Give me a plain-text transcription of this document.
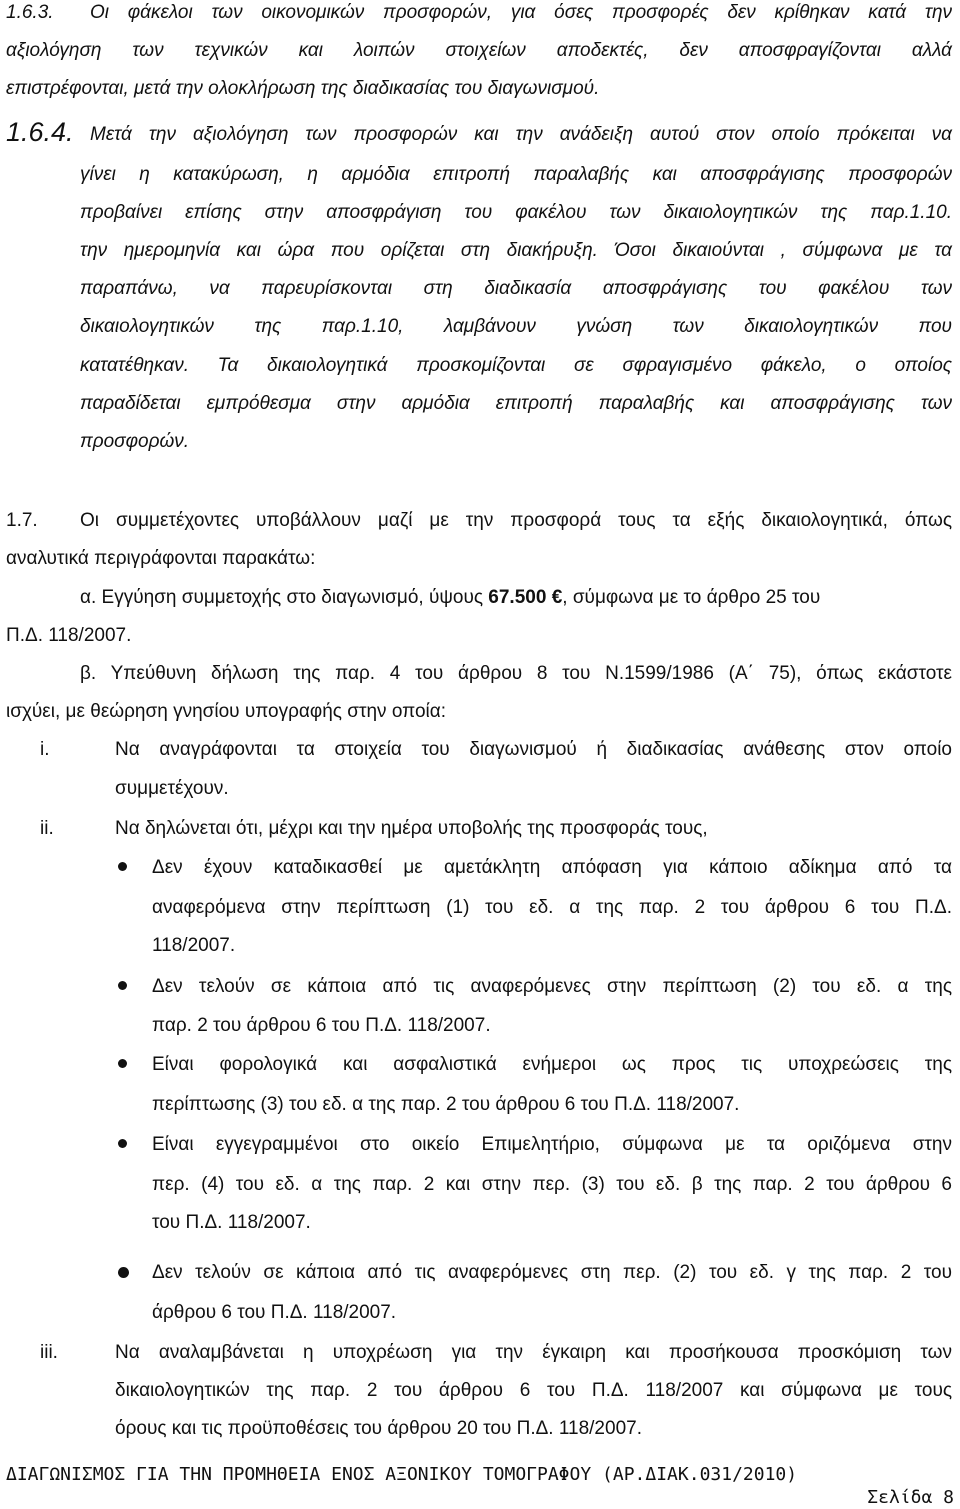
1.6.3. Οι φάκελοι των οικονομικών προσφορών, για όσες προσφορές δεν κρίθηκαν κατά την
αξιολόγηση των τεχνικών και λοιπών στοιχείων αποδεκτές, δεν αποσφραγίζονται αλλά
επιστρέφονται, μετά την ολοκλήρωση της διαδικασίας του διαγωνισμού.
1.6.4. Μετά την αξιολόγηση των προσφορών και την ανάδειξη αυτού στον οποίο πρόκειται να
γίνει η κατακύρωση, η αρμόδια επιτροπή παραλαβής και αποσφράγισης προσφορών
προβαίνει επίσης στην αποσφράγιση του φακέλου των δικαιολογητικών της παρ.1.10.
την ημερομηνία και ώρα που ορίζεται στη διακήρυξη. Όσοι δικαιούνται , σύμφωνα με τα
παραπάνω, να παρευρίσκονται στη διαδικασία αποσφράγισης του φακέλου των
δικαιολογητικών της παρ.1.10, λαμβάνουν γνώση των δικαιολογητικών που
κατατέθηκαν. Τα δικαιολογητικά προσκομίζονται σε σφραγισμένο φάκελο, ο οποίος
παραδίδεται εμπρόθεσμα στην αρμόδια επιτροπή παραλαβής και αποσφράγισης των
προσφορών.
1.7. Οι συμμετέχοντες υποβάλλουν μαζί με την προσφορά τους τα εξής δικαιολογητικά, όπως
αναλυτικά περιγράφονται παρακάτω:
α. Εγγύηση συμμετοχής στο διαγωνισμό, ύψους 67.500 €, σύμφωνα με το άρθρο 25 του
Π.Δ. 118/2007.
β. Υπεύθυνη δήλωση της παρ. 4 του άρθρου 8 του Ν.1599/1986 (Α΄ 75), όπως εκάστοτε
ισχύει, με θεώρηση γνησίου υπογραφής στην οποία:
i.	Να αναγράφονται τα στοιχεία του διαγωνισμού ή διαδικασίας ανάθεσης στον οποίο
συμμετέχουν.
ii.	Να δηλώνεται ότι, μέχρι και την ημέρα υποβολής της προσφοράς τους,
Δεν έχουν καταδικασθεί με αμετάκλητη απόφαση για κάποιο αδίκημα από τα
αναφερόμενα στην περίπτωση (1) του εδ. α της παρ. 2 του άρθρου 6 του Π.Δ.
118/2007.
Δεν τελούν σε κάποια από τις αναφερόμενες στην περίπτωση (2) του εδ. α της
παρ. 2 του άρθρου 6 του Π.Δ. 118/2007.
Είναι φορολογικά και ασφαλιστικά ενήμεροι ως προς τις υποχρεώσεις της
περίπτωσης (3) του εδ. α της παρ. 2 του άρθρου 6 του Π.Δ. 118/2007.
Είναι εγγεγραμμένοι στο οικείο Επιμελητήριο, σύμφωνα με τα οριζόμενα στην
περ. (4) του εδ. α της παρ. 2 και στην περ. (3) του εδ. β της παρ. 2 του άρθρου 6
του Π.Δ. 118/2007.
Δεν τελούν σε κάποια από τις αναφερόμενες στη περ. (2) του εδ. γ της παρ. 2 του
άρθρου 6 του Π.Δ. 118/2007.
iii.	Να αναλαμβάνεται η υποχρέωση για την έγκαιρη και προσήκουσα προσκόμιση των
δικαιολογητικών της παρ. 2 του άρθρου 6 του Π.Δ. 118/2007 και σύμφωνα με τους
όρους και τις προϋποθέσεις του άρθρου 20 του Π.Δ. 118/2007.
ΔΙΑΓΩΝΙΣΜΟΣ ΓΙΑ ΤΗΝ ΠΡΟΜΗΘΕΙΑ ΕΝΟΣ ΑΞΟΝΙΚΟΥ ΤΟΜΟΓΡΑΦΟΥ (ΑΡ.ΔΙΑΚ.031/2010)
Σελίδα 8
